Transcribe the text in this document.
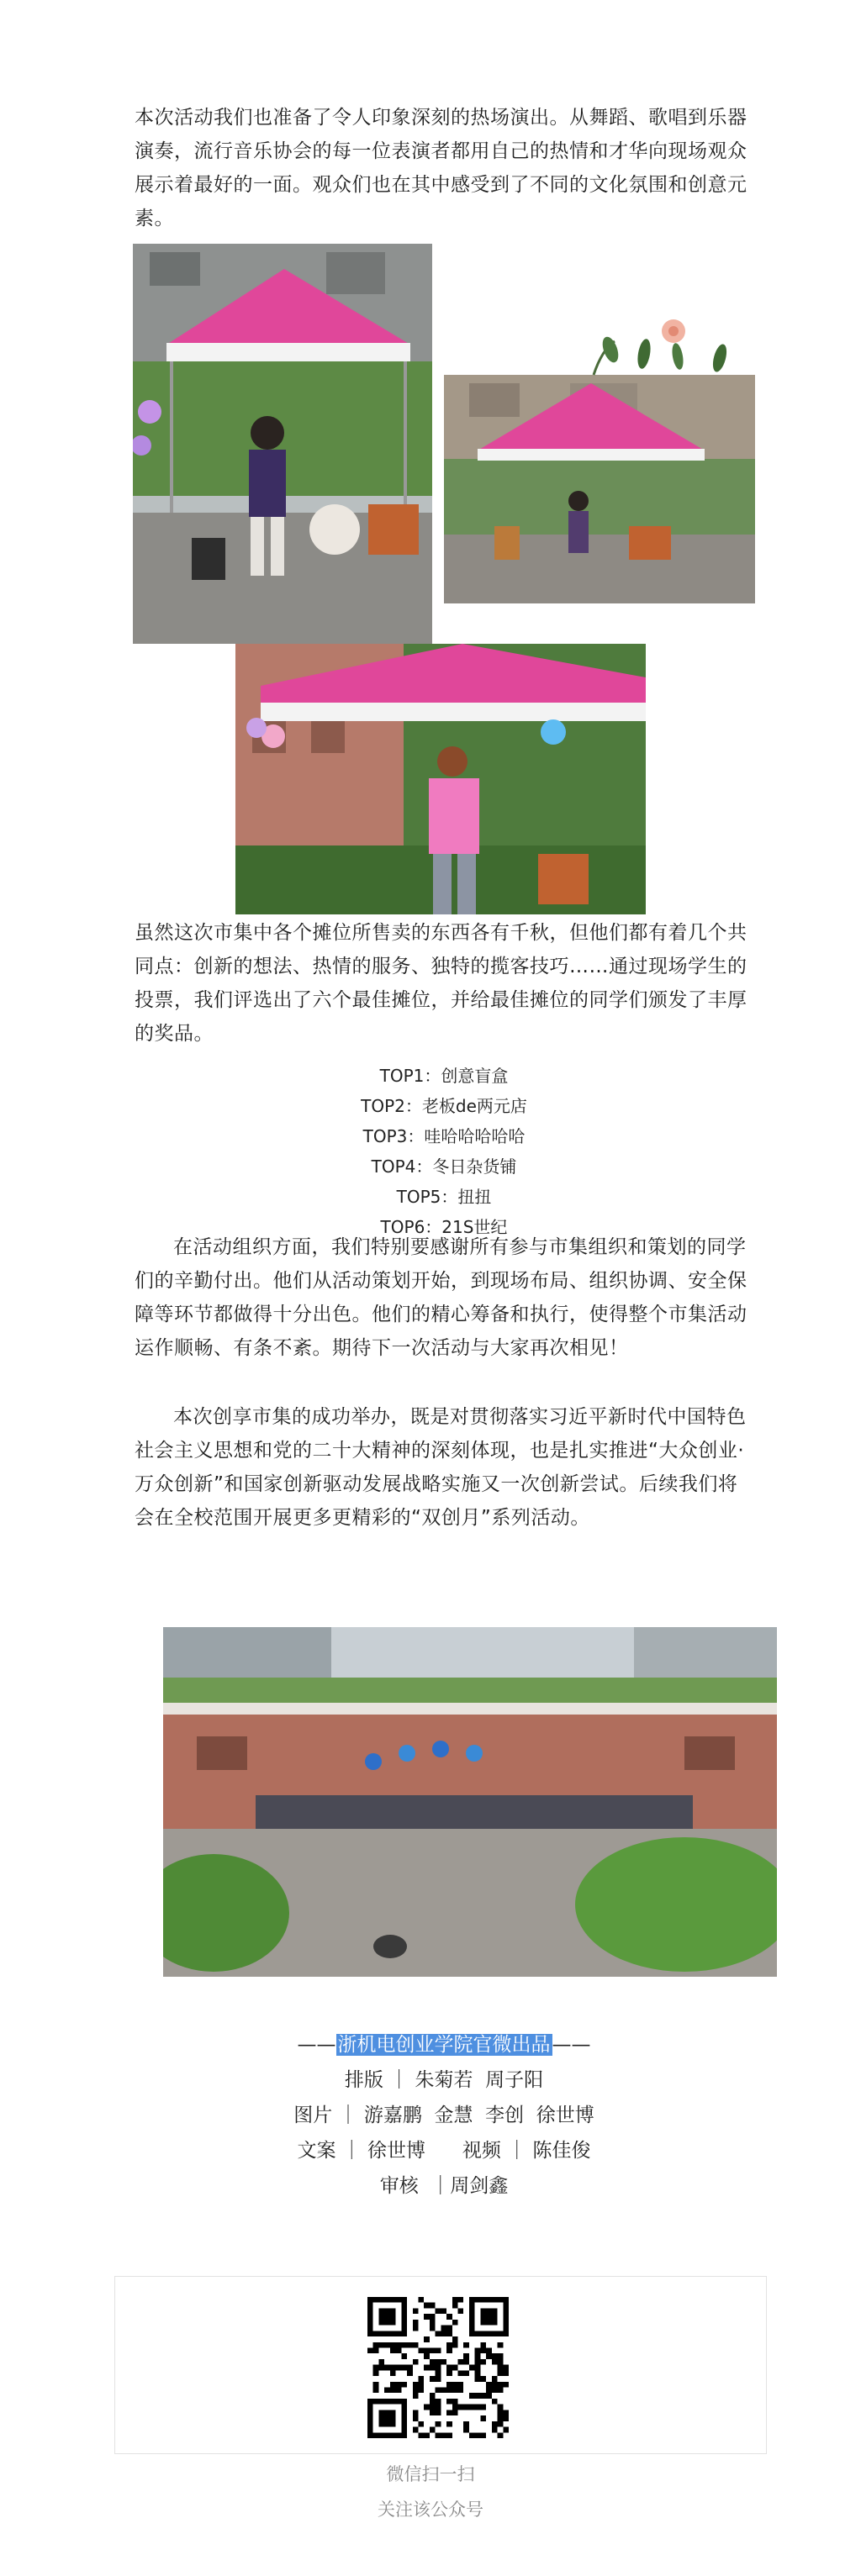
本次活动我们也准备了令人印象深刻的热场演出。从舞蹈、歌唱到乐器演奏，流行音乐协会的每一位表演者都用自己的热情和才华向现场观众展示着最好的一面。观众们也在其中感受到了不同的文化氛围和创意元素。

虽然这次市集中各个摊位所售卖的东西各有千秋，但他们都有着几个共同点：创新的想法、热情的服务、独特的揽客技巧……通过现场学生的投票，我们评选出了六个最佳摊位，并给最佳摊位的同学们颁发了丰厚的奖品。

TOP1：创意盲盒
TOP2：老板de两元店
TOP3：哇哈哈哈哈哈
TOP4：冬日杂货铺
TOP5：扭扭
TOP6：21S世纪

在活动组织方面，我们特别要感谢所有参与市集组织和策划的同学们的辛勤付出。他们从活动策划开始，到现场布局、组织协调、安全保障等环节都做得十分出色。他们的精心筹备和执行，使得整个市集活动运作顺畅、有条不紊。期待下一次活动与大家再次相见！

本次创享市集的成功举办，既是对贯彻落实习近平新时代中国特色社会主义思想和党的二十大精神的深刻体现，也是扎实推进“大众创业·万众创新”和国家创新驱动发展战略实施又一次创新尝试。后续我们将会在全校范围开展更多更精彩的“双创月”系列活动。

——浙机电创业学院官微出品——
排版 ｜ 朱菊若  周子阳
图片 ｜ 游嘉鹏  金慧  李创  徐世博
文案 ｜ 徐世博      视频 ｜ 陈佳俊
审核  ｜周剑鑫
微信扫一扫
关注该公众号
